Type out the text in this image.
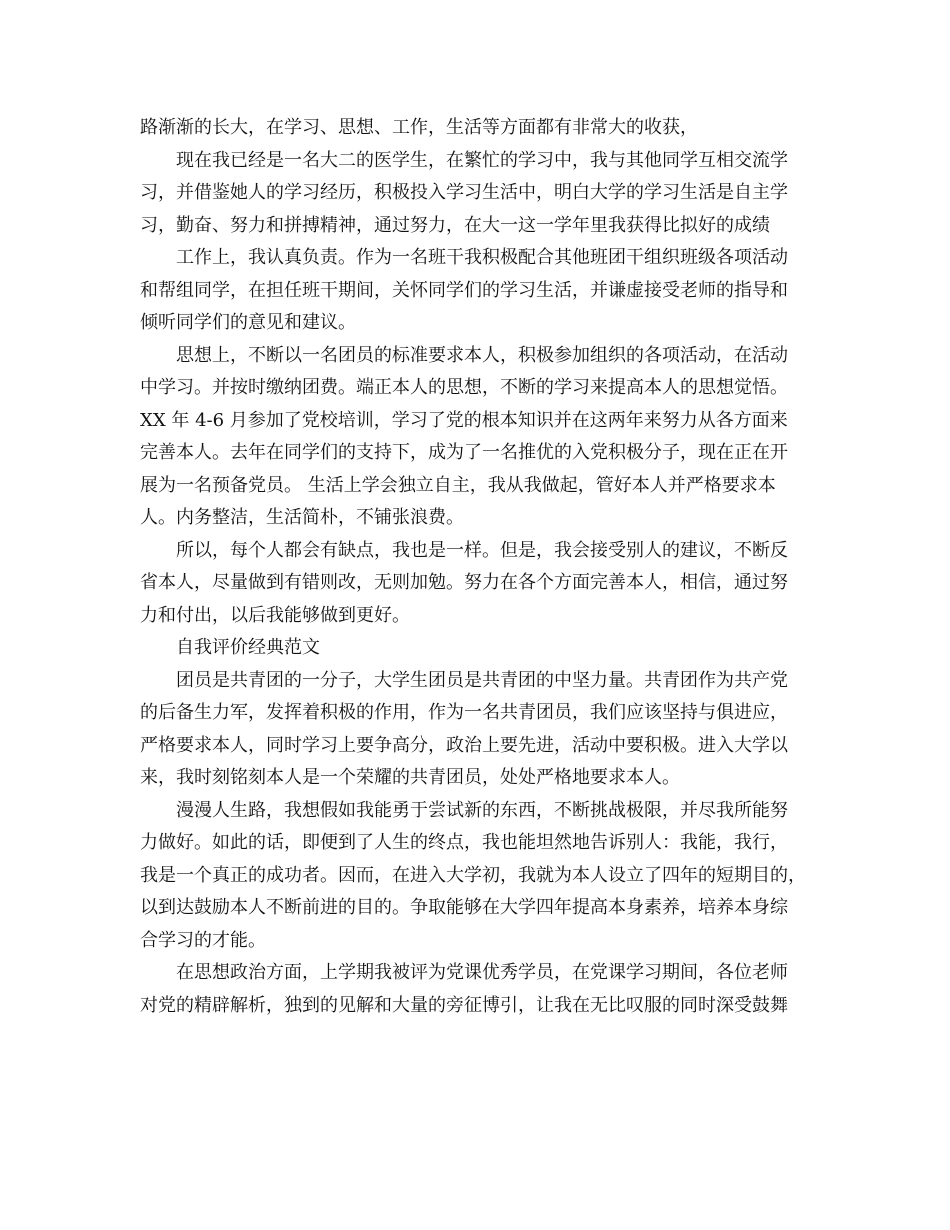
路渐渐的长大，在学习、思想、工作，生活等方面都有非常大的收获，

现在我已经是一名大二的医学生，在繁忙的学习中，我与其他同学互相交流学

习，并借鉴她人的学习经历，积极投入学习生活中，明白大学的学习生活是自主学

习，勤奋、努力和拼搏精神，通过努力，在大一这一学年里我获得比拟好的成绩

工作上，我认真负责。作为一名班干我积极配合其他班团干组织班级各项活动

和帮组同学，在担任班干期间，关怀同学们的学习生活，并谦虚接受老师的指导和

倾听同学们的意见和建议。

思想上，不断以一名团员的标准要求本人，积极参加组织的各项活动，在活动

中学习。并按时缴纳团费。端正本人的思想，不断的学习来提高本人的思想觉悟。

XX 年 4-6 月参加了党校培训，学习了党的根本知识并在这两年来努力从各方面来

完善本人。去年在同学们的支持下，成为了一名推优的入党积极分子，现在正在开

展为一名预备党员。 生活上学会独立自主，我从我做起，管好本人并严格要求本

人。内务整洁，生活简朴，不铺张浪费。

所以，每个人都会有缺点，我也是一样。但是，我会接受别人的建议，不断反

省本人，尽量做到有错则改，无则加勉。努力在各个方面完善本人，相信，通过努

力和付出，以后我能够做到更好。

自我评价经典范文

团员是共青团的一分子，大学生团员是共青团的中坚力量。共青团作为共产党

的后备生力军，发挥着积极的作用，作为一名共青团员，我们应该坚持与俱进应，

严格要求本人，同时学习上要争高分，政治上要先进，活动中要积极。进入大学以

来，我时刻铭刻本人是一个荣耀的共青团员，处处严格地要求本人。

漫漫人生路，我想假如我能勇于尝试新的东西，不断挑战极限，并尽我所能努

力做好。如此的话，即便到了人生的终点，我也能坦然地告诉别人：我能，我行，

我是一个真正的成功者。因而，在进入大学初，我就为本人设立了四年的短期目的，

以到达鼓励本人不断前进的目的。争取能够在大学四年提高本身素养，培养本身综

合学习的才能。

在思想政治方面，上学期我被评为党课优秀学员，在党课学习期间，各位老师

对党的精辟解析，独到的见解和大量的旁征博引，让我在无比叹服的同时深受鼓舞
